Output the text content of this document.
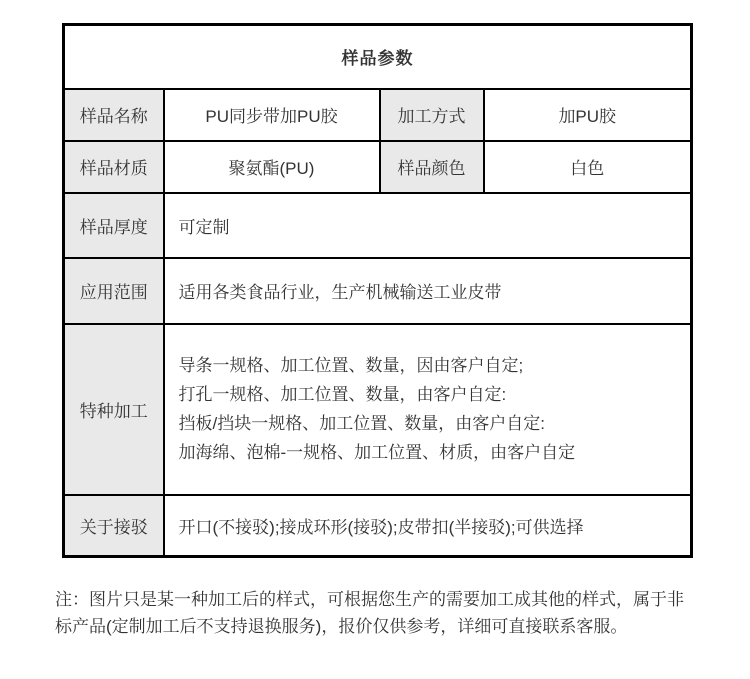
样品参数			
样品名称	PU同步带加PU胶	加工方式	加PU胶
样品材质	聚氨酯(PU)	样品颜色	白色
样品厚度	可定制		
应用范围	适用各类食品行业，生产机械输送工业皮带		
特种加工	导条一规格、加工位置、数量，因由客户自定;
打孔一规格、加工位置、数量，由客户自定:
挡板/挡块一规格、加工位置、数量，由客户自定:
加海绵、泡棉-一规格、加工位置、材质，由客户自定		

关于接驳	开口(不接驳);接成环形(接驳);皮带扣(半接驳);可供选择		
注：图片只是某一种加工后的样式，可根据您生产的需要加工成其他的样式，属于非
标产品(定制加工后不支持退换服务)，报价仅供参考，详细可直接联系客服。
